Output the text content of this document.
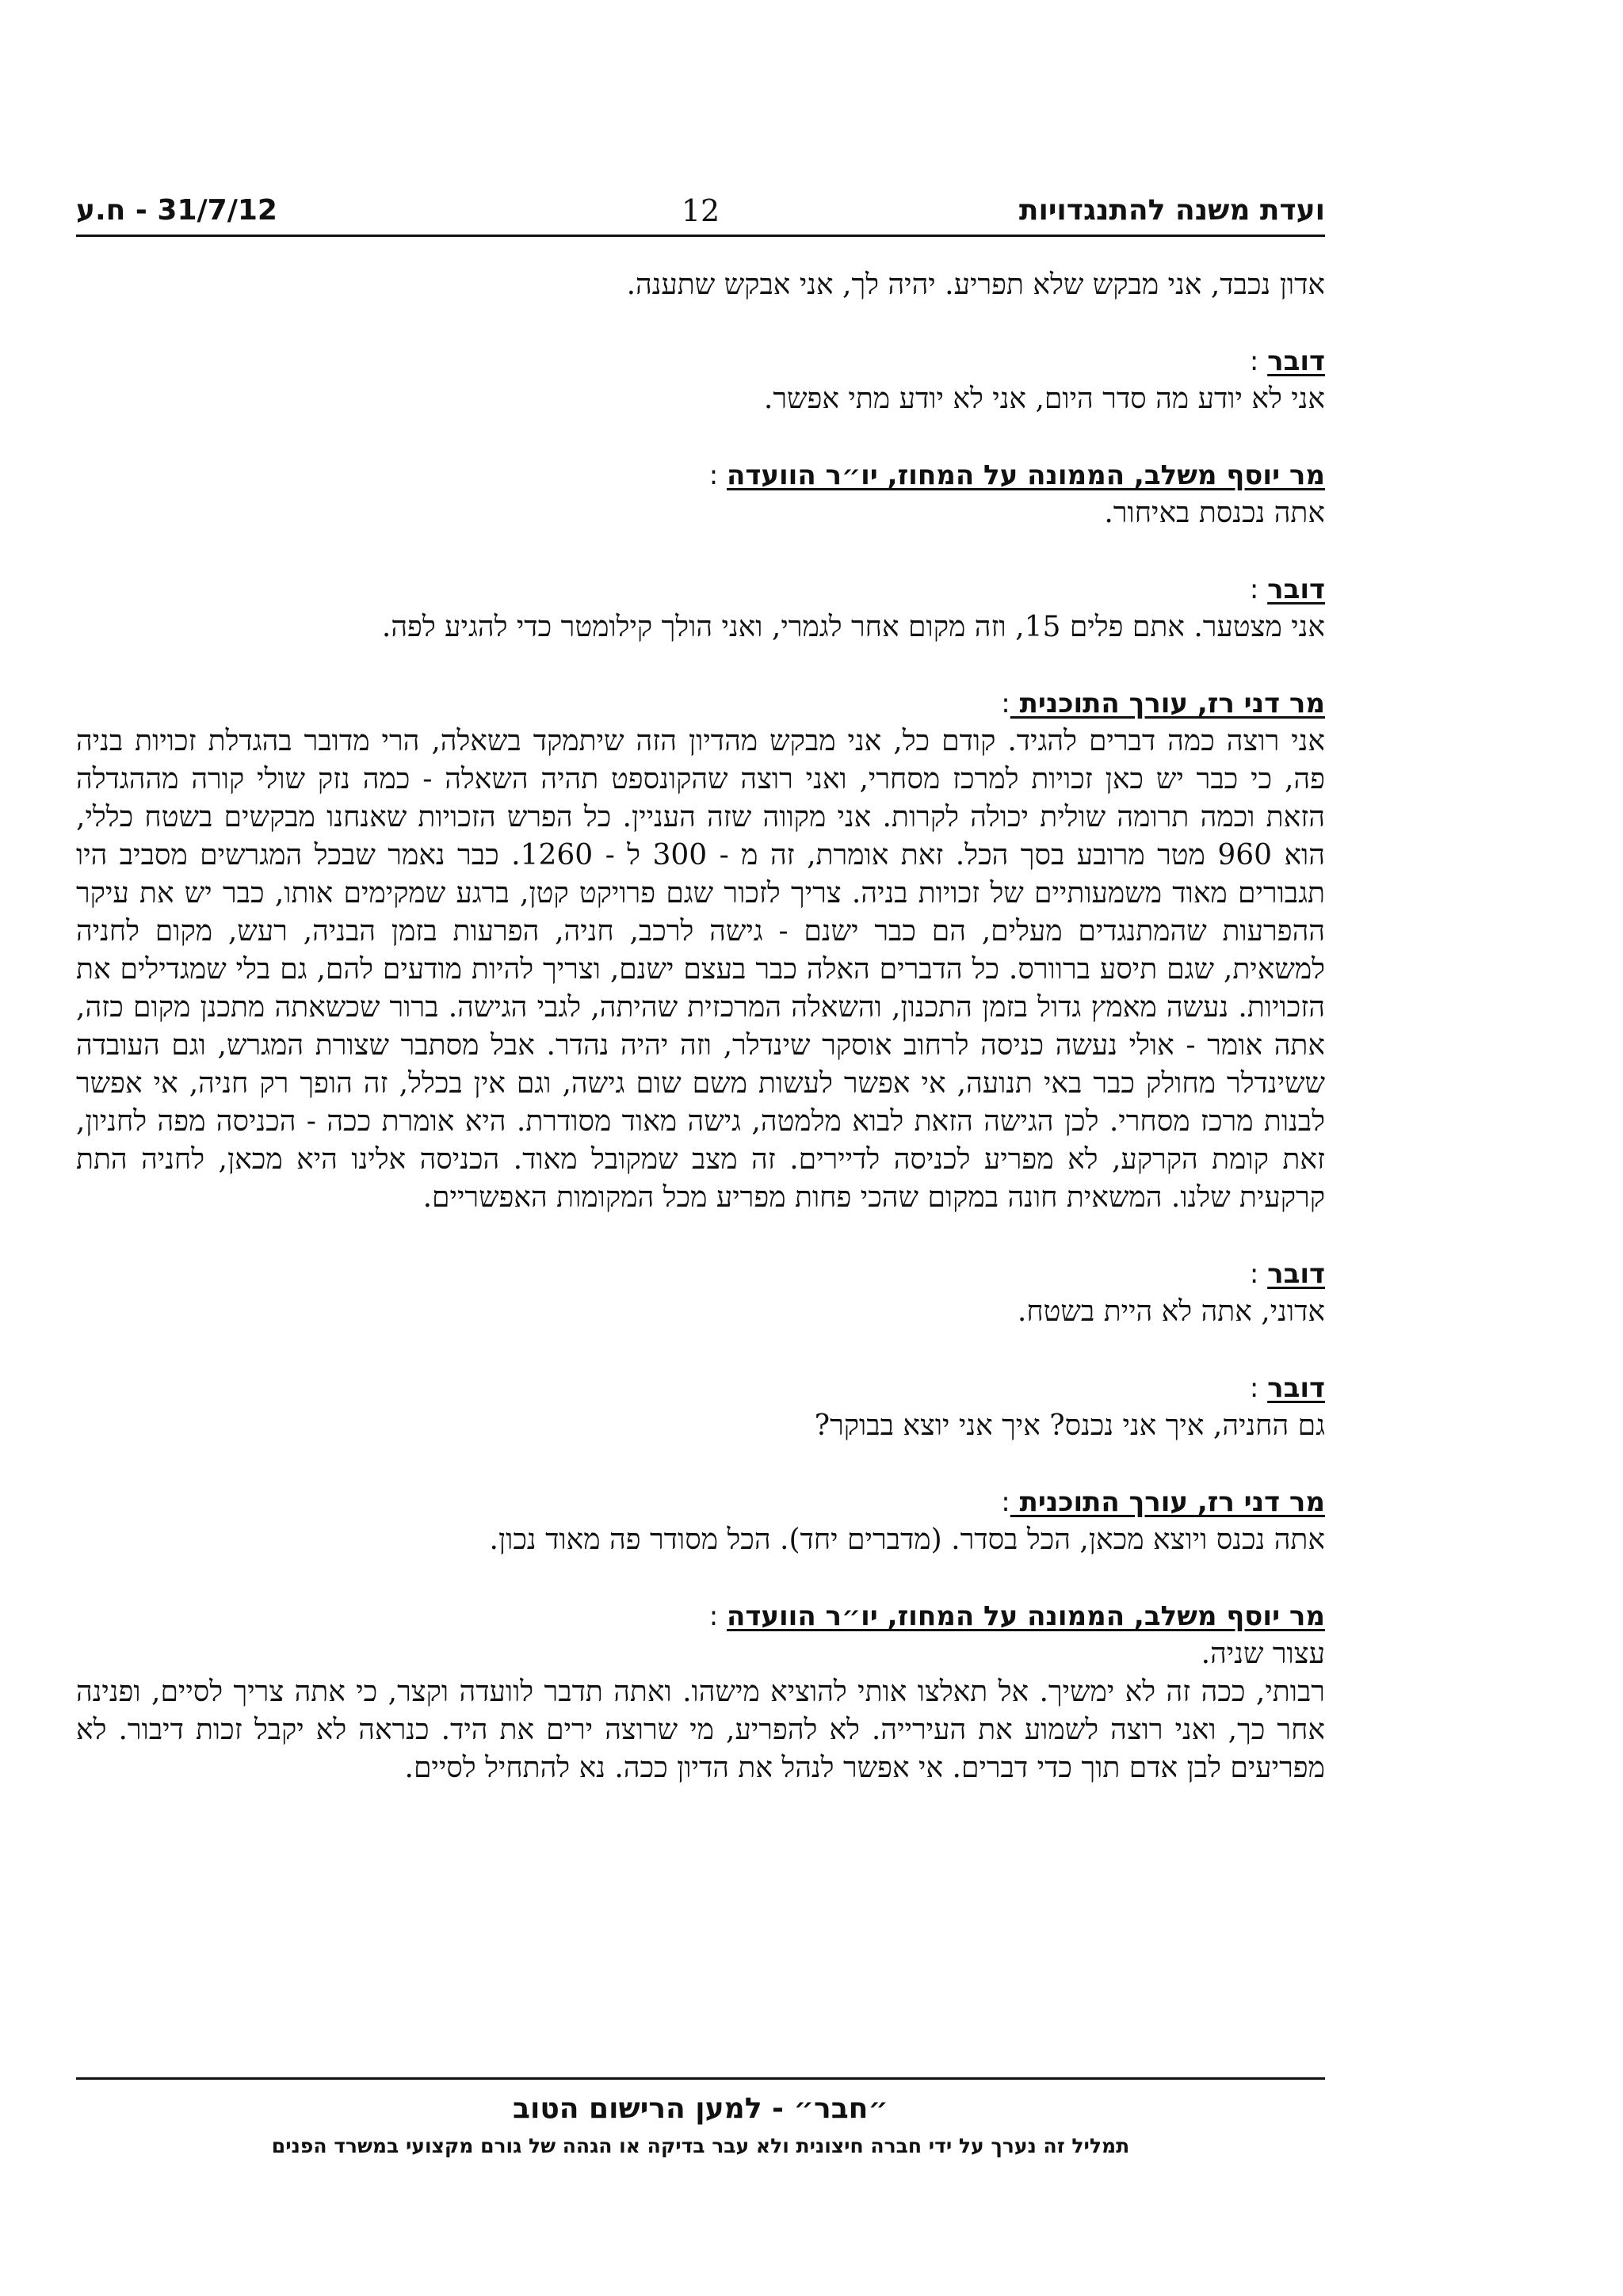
ועדת משנה להתנגדויות
12
31/7/12 - ח.ע

אדון נכבד, אני מבקש שלא תפריע. יהיה לך, אני אבקש שתענה.

דובר :

אני לא יודע מה סדר היום, אני לא יודע מתי אפשר.

מר יוסף משלב, הממונה על המחוז, יו״ר הוועדה :

אתה נכנסת באיחור.

דובר :

אני מצטער. אתם פלים 15, וזה מקום אחר לגמרי, ואני הולך קילומטר כדי להגיע לפה.

מר דני רז, עורך התוכנית :

אני רוצה כמה דברים להגיד. קודם כל, אני מבקש מהדיון הזה שיתמקד בשאלה, הרי מדובר בהגדלת זכויות בניה פה, כי כבר יש כאן זכויות למרכז מסחרי, ואני רוצה שהקונספט תהיה השאלה - כמה נזק שולי קורה מההגדלה הזאת וכמה תרומה שולית יכולה לקרות. אני מקווה שזה העניין. כל הפרש הזכויות שאנחנו מבקשים בשטח כללי, הוא 960 מטר מרובע בסך הכל. זאת אומרת, זה מ - 300 ל - 1260. כבר נאמר שבכל המגרשים מסביב היו תגבורים מאוד משמעותיים של זכויות בניה. צריך לזכור שגם פרויקט קטן, ברגע שמקימים אותו, כבר יש את עיקר ההפרעות שהמתנגדים מעלים, הם כבר ישנם - גישה לרכב, חניה, הפרעות בזמן הבניה, רעש, מקום לחניה למשאית, שגם תיסע ברוורס. כל הדברים האלה כבר בעצם ישנם, וצריך להיות מודעים להם, גם בלי שמגדילים את הזכויות. נעשה מאמץ גדול בזמן התכנון, והשאלה המרכזית שהיתה, לגבי הגישה. ברור שכשאתה מתכנן מקום כזה, אתה אומר - אולי נעשה כניסה לרחוב אוסקר שינדלר, וזה יהיה נהדר. אבל מסתבר שצורת המגרש, וגם העובדה ששינדלר מחולק כבר באי תנועה, אי אפשר לעשות משם שום גישה, וגם אין בכלל, זה הופך רק חניה, אי אפשר לבנות מרכז מסחרי. לכן הגישה הזאת לבוא מלמטה, גישה מאוד מסודרת. היא אומרת ככה - הכניסה מפה לחניון, זאת קומת הקרקע, לא מפריע לכניסה לדיירים. זה מצב שמקובל מאוד. הכניסה אלינו היא מכאן, לחניה התת קרקעית שלנו. המשאית חונה במקום שהכי פחות מפריע מכל המקומות האפשריים.

דובר :

אדוני, אתה לא היית בשטח.

דובר :

גם החניה, איך אני נכנס? איך אני יוצא בבוקר?

מר דני רז, עורך התוכנית :

אתה נכנס ויוצא מכאן, הכל בסדר. (מדברים יחד). הכל מסודר פה מאוד נכון.

מר יוסף משלב, הממונה על המחוז, יו״ר הוועדה :

עצור שניה.

רבותי, ככה זה לא ימשיך. אל תאלצו אותי להוציא מישהו. ואתה תדבר לוועדה וקצר, כי אתה צריך לסיים, ופנינה אחר כך, ואני רוצה לשמוע את העירייה. לא להפריע, מי שרוצה ירים את היד. כנראה לא יקבל זכות דיבור. לא מפריעים לבן אדם תוך כדי דברים. אי אפשר לנהל את הדיון ככה. נא להתחיל לסיים.

״חבר״ - למען הרישום הטוב
תמליל זה נערך על ידי חברה חיצונית ולא עבר בדיקה או הגהה של גורם מקצועי במשרד הפנים
